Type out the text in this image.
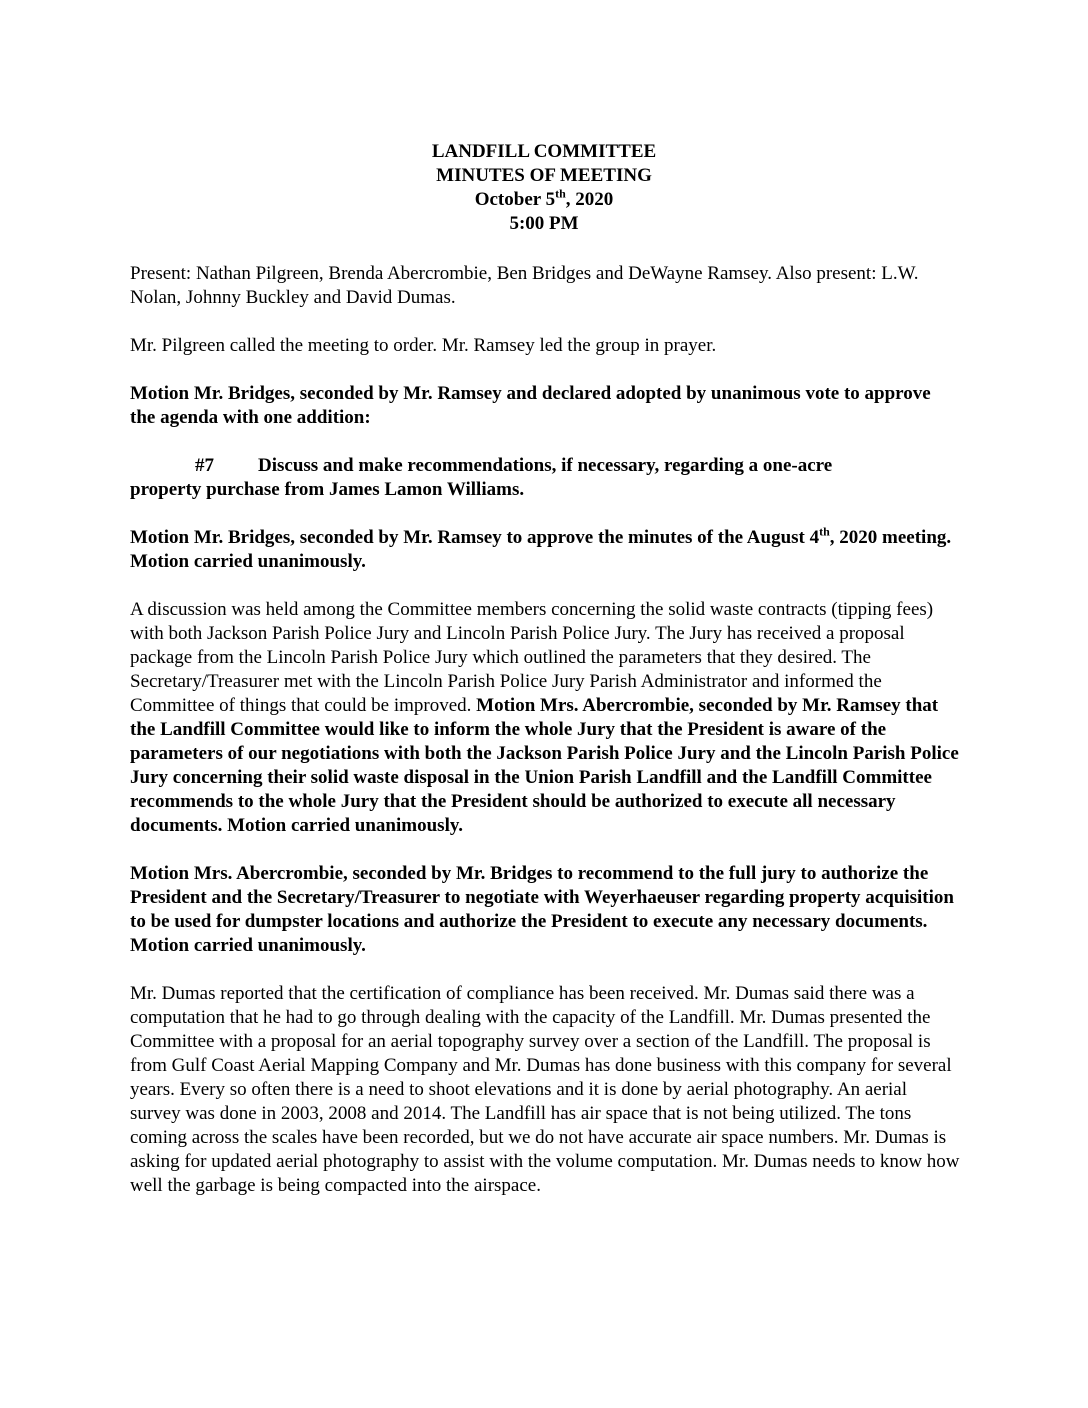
LANDFILL COMMITTEE
MINUTES OF MEETING
October 5th, 2020
5:00 PM

Present: Nathan Pilgreen, Brenda Abercrombie, Ben Bridges and DeWayne Ramsey. Also present: L.W. Nolan, Johnny Buckley and David Dumas.

Mr. Pilgreen called the meeting to order. Mr. Ramsey led the group in prayer.

Motion Mr. Bridges, seconded by Mr. Ramsey and declared adopted by unanimous vote to approve the agenda with one addition:

#7 Discuss and make recommendations, if necessary, regarding a one-acre
property purchase from James Lamon Williams.

Motion Mr. Bridges, seconded by Mr. Ramsey to approve the minutes of the August 4th, 2020 meeting. Motion carried unanimously.

A discussion was held among the Committee members concerning the solid waste contracts (tipping fees) with both Jackson Parish Police Jury and Lincoln Parish Police Jury. The Jury has received a proposal package from the Lincoln Parish Police Jury which outlined the parameters that they desired. The Secretary/Treasurer met with the Lincoln Parish Police Jury Parish Administrator and informed the Committee of things that could be improved. Motion Mrs. Abercrombie, seconded by Mr. Ramsey that the Landfill Committee would like to inform the whole Jury that the President is aware of the parameters of our negotiations with both the Jackson Parish Police Jury and the Lincoln Parish Police Jury concerning their solid waste disposal in the Union Parish Landfill and the Landfill Committee recommends to the whole Jury that the President should be authorized to execute all necessary documents. Motion carried unanimously.

Motion Mrs. Abercrombie, seconded by Mr. Bridges to recommend to the full jury to authorize the President and the Secretary/Treasurer to negotiate with Weyerhaeuser regarding property acquisition to be used for dumpster locations and authorize the President to execute any necessary documents. Motion carried unanimously.

Mr. Dumas reported that the certification of compliance has been received. Mr. Dumas said there was a computation that he had to go through dealing with the capacity of the Landfill. Mr. Dumas presented the Committee with a proposal for an aerial topography survey over a section of the Landfill. The proposal is from Gulf Coast Aerial Mapping Company and Mr. Dumas has done business with this company for several years. Every so often there is a need to shoot elevations and it is done by aerial photography. An aerial survey was done in 2003, 2008 and 2014. The Landfill has air space that is not being utilized. The tons coming across the scales have been recorded, but we do not have accurate air space numbers. Mr. Dumas is asking for updated aerial photography to assist with the volume computation. Mr. Dumas needs to know how well the garbage is being compacted into the airspace.
